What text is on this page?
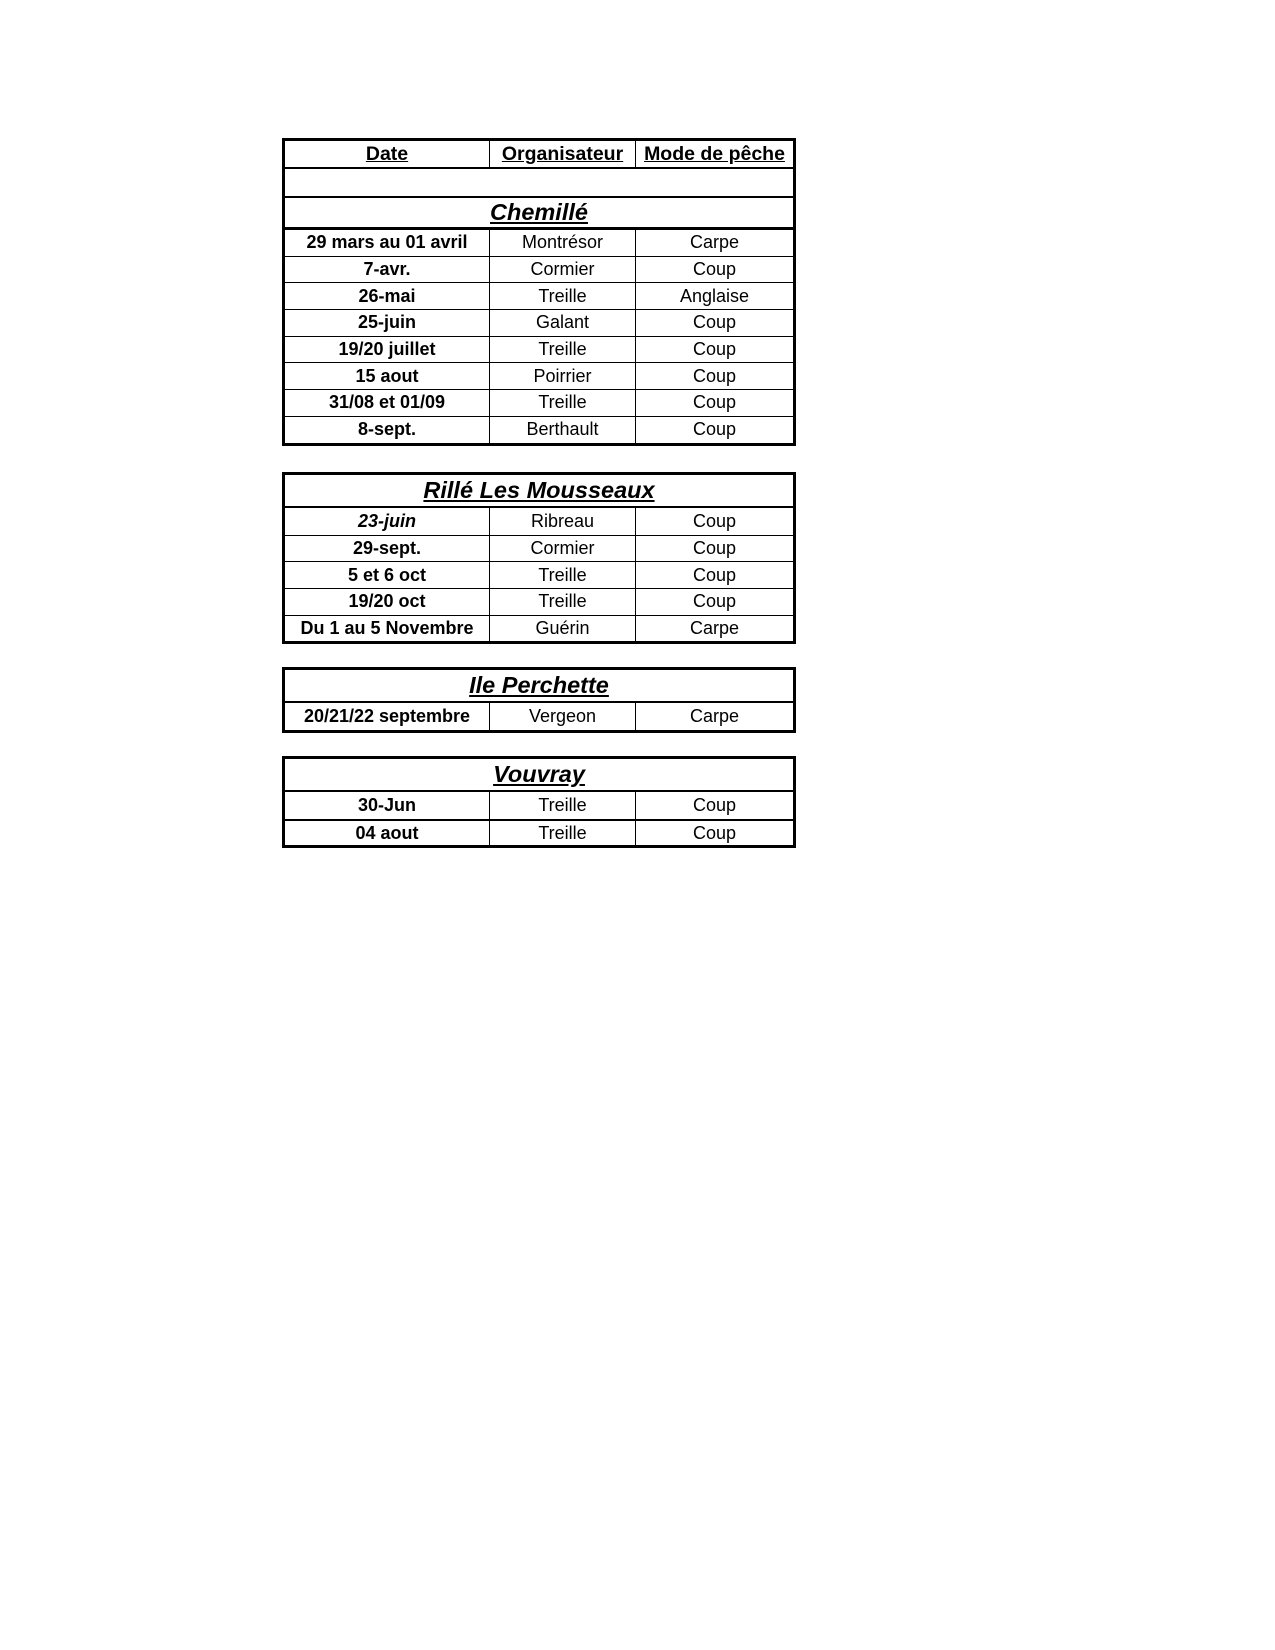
Date	Organisateur	Mode de pêche
Chemillé
29 mars au 01 avril	Montrésor	Carpe
7-avr.	Cormier	Coup
26-mai	Treille	Anglaise
25-juin	Galant	Coup
19/20 juillet	Treille	Coup
15 aout	Poirrier	Coup
31/08 et 01/09	Treille	Coup
8-sept.	Berthault	Coup
Rillé Les Mousseaux
23-juin	Ribreau	Coup
29-sept.	Cormier	Coup
5 et 6 oct	Treille	Coup
19/20 oct	Treille	Coup
Du 1 au 5 Novembre	Guérin	Carpe
Ile Perchette
20/21/22 septembre	Vergeon	Carpe
Vouvray
30-Jun	Treille	Coup
04 aout	Treille	Coup
